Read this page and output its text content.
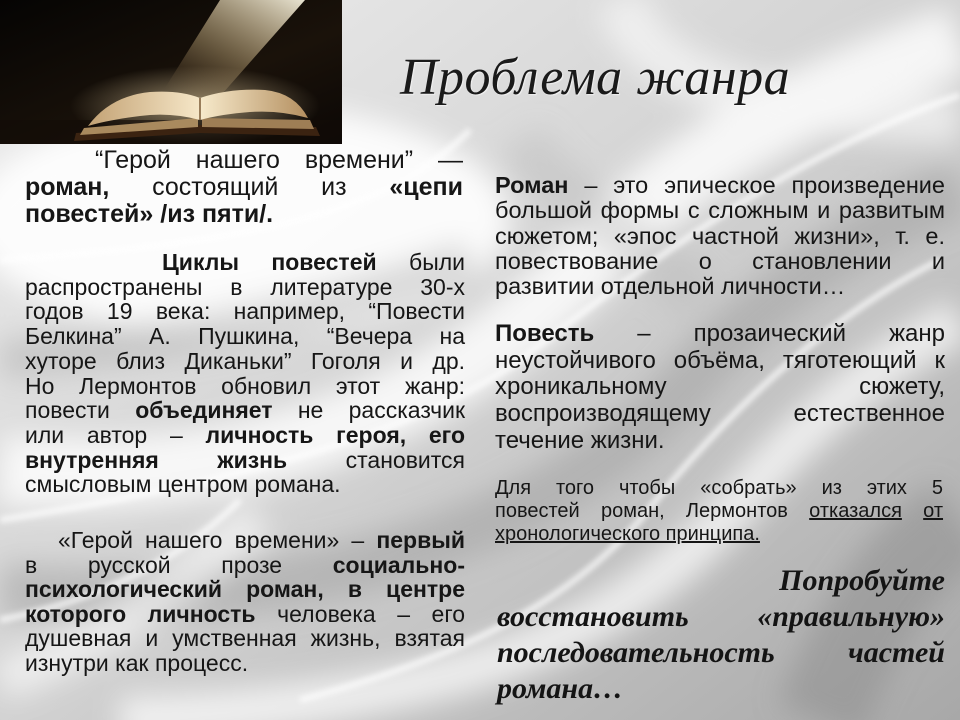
Проблема жанра
“Герой нашего времени” —
роман, состоящий из «цепи
повестей» /из пяти/.
Циклы повестей были
распространены в литературе 30-х
годов 19 века: например, “Повести
Белкина” А. Пушкина, “Вечера на
хуторе близ Диканьки” Гоголя и др.
Но Лермонтов обновил этот жанр:
повести объединяет не рассказчик
или автор – личность героя, его
внутренняя жизнь	становится
смысловым центром романа.
«Герой нашего времени» – первый
в русской прозе социально-
психологический роман, в центре
которого личность человека – его
душевная и умственная жизнь, взятая
изнутри как процесс.
Роман – это эпическое произведение
большой формы с сложным и развитым
сюжетом; «эпос частной жизни», т. е.
повествование о становлении и
развитии отдельной личности…
Повесть – прозаический жанр
неустойчивого объёма, тяготеющий к
хроникальному сюжету,
воспроизводящему естественное
течение жизни.
Для того чтобы «собрать» из этих 5
повестей роман, Лермонтов отказался от
хронологического принципа.
Попробуйте
восстановить «правильную»
последовательность частей
романа…
